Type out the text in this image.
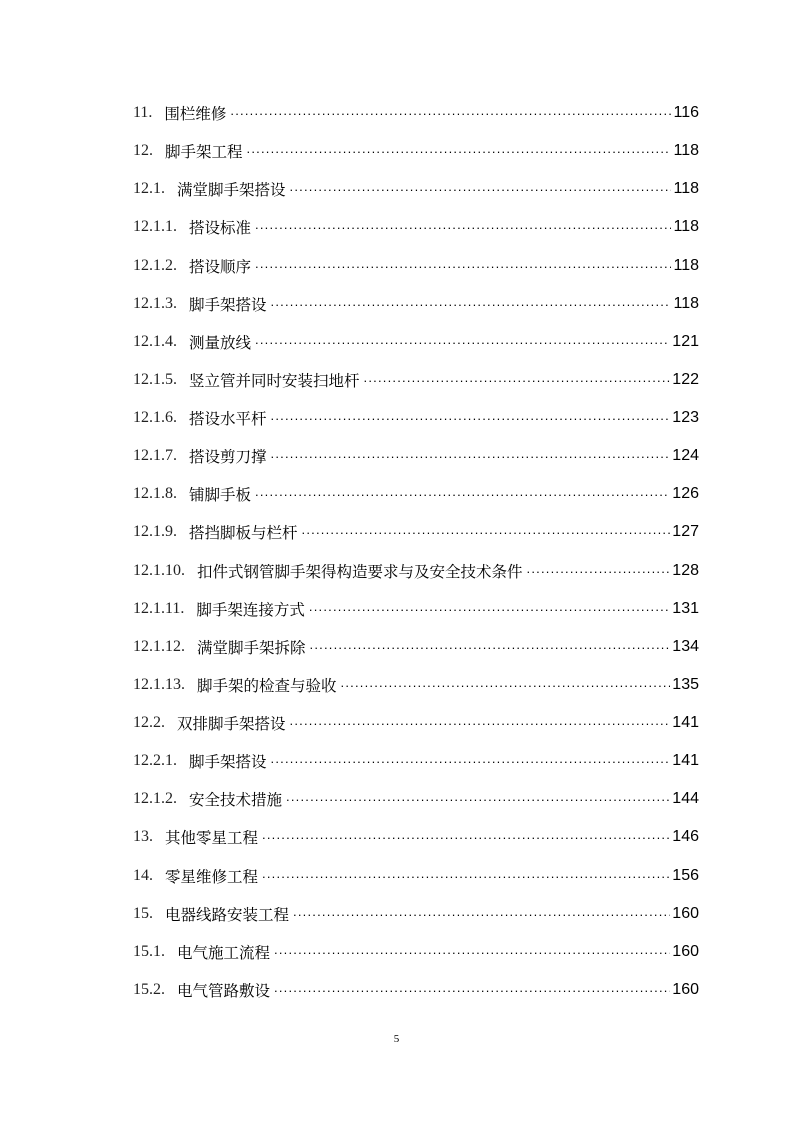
11. 围栏维修 .....	116
12. 脚手架工程 .....	118
12.1. 满堂脚手架搭设 .....	118
12.1.1. 搭设标准 .....	118
12.1.2. 搭设顺序 .....	118
12.1.3. 脚手架搭设 .....	118
12.1.4. 测量放线 .....	121
12.1.5. 竖立管并同时安装扫地杆 .....	122
12.1.6. 搭设水平杆 .....	123
12.1.7. 搭设剪刀撑 .....	124
12.1.8. 铺脚手板 .....	126
12.1.9. 搭挡脚板与栏杆 .....	127
12.1.10. 扣件式钢管脚手架得构造要求与及安全技术条件 .....	128
12.1.11. 脚手架连接方式 .....	131
12.1.12. 满堂脚手架拆除 .....	134
12.1.13. 脚手架的检查与验收 .....	135
12.2. 双排脚手架搭设 .....	141
12.2.1. 脚手架搭设 .....	141
12.1.2. 安全技术措施 .....	144
13. 其他零星工程 .....	146
14. 零星维修工程 .....	156
15. 电器线路安装工程 .....	160
15.1. 电气施工流程 .....	160
15.2. 电气管路敷设 .....	160
5
